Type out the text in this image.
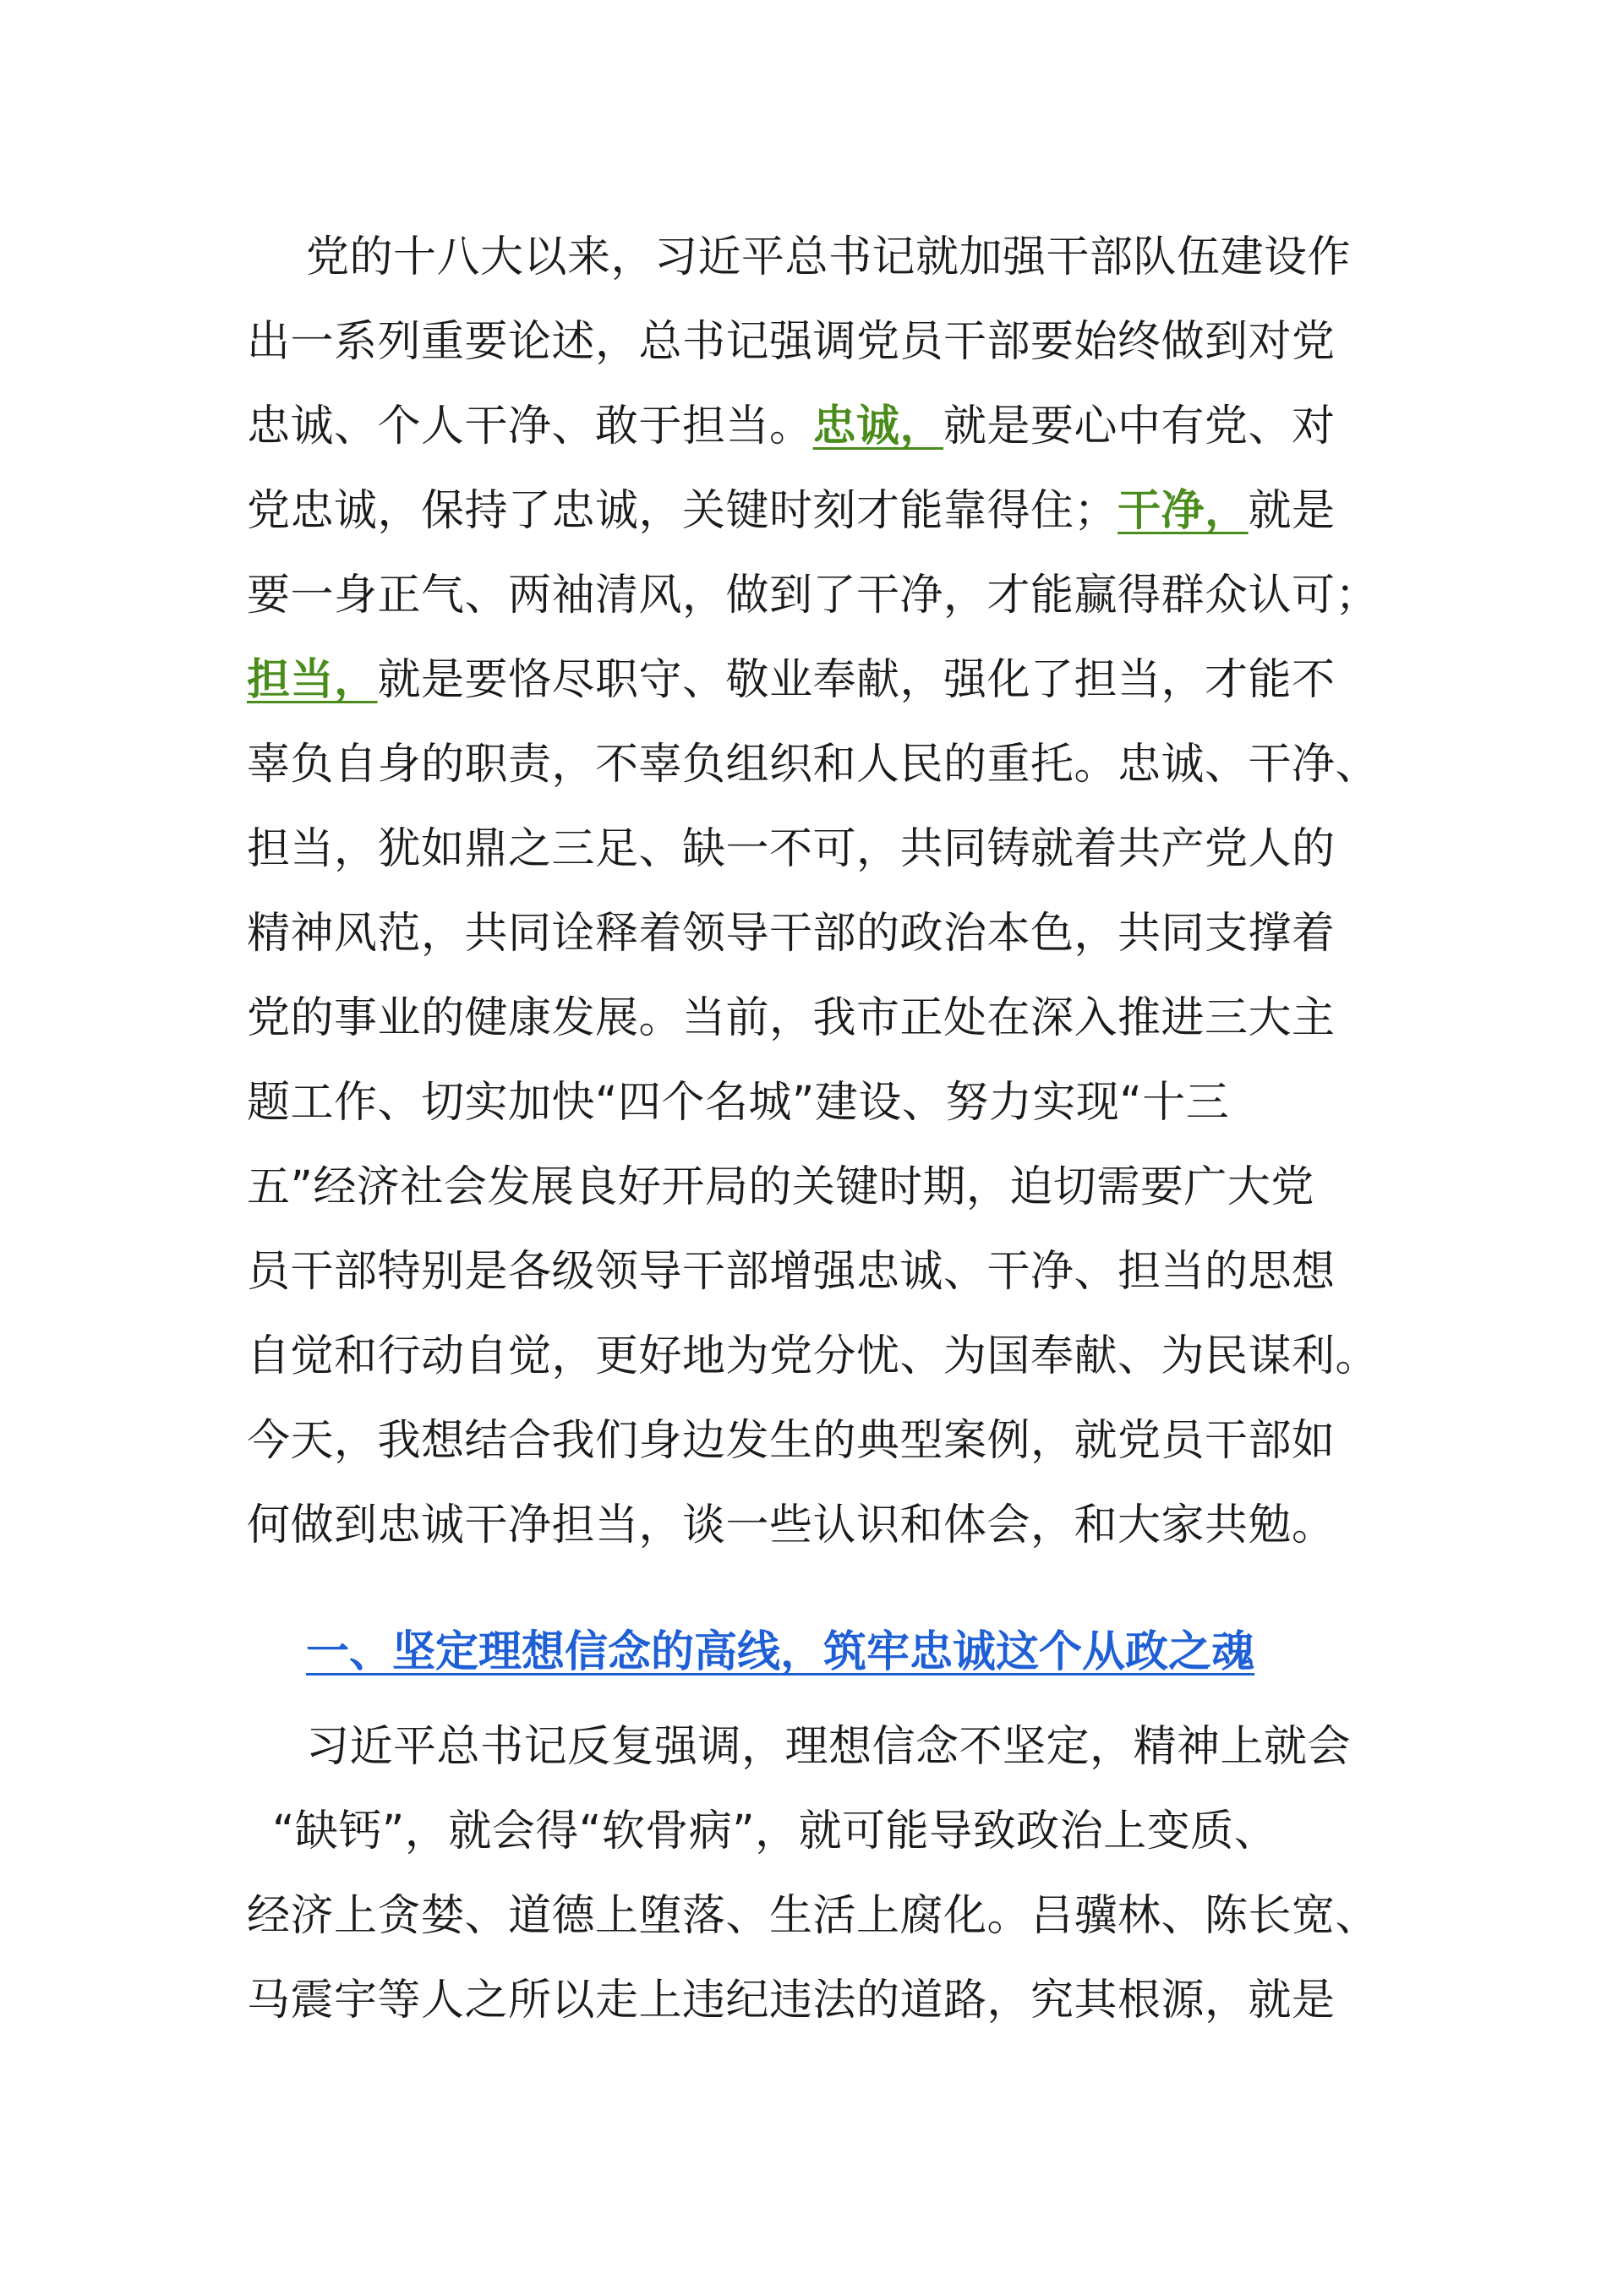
党的十八大以来，习近平总书记就加强干部队伍建设作
出一系列重要论述，总书记强调党员干部要始终做到对党
忠诚、个人干净、敢于担当。忠诚，就是要心中有党、对
党忠诚，保持了忠诚，关键时刻才能靠得住；干净，就是
要一身正气、两袖清风，做到了干净，才能赢得群众认可；
担当，就是要恪尽职守、敬业奉献，强化了担当，才能不
辜负自身的职责，不辜负组织和人民的重托。忠诚、干净、
担当，犹如鼎之三足、缺一不可，共同铸就着共产党人的
精神风范，共同诠释着领导干部的政治本色，共同支撑着
党的事业的健康发展。当前，我市正处在深入推进三大主
题工作、切实加快“四个名城”建设、努力实现“十三
五”经济社会发展良好开局的关键时期，迫切需要广大党
员干部特别是各级领导干部增强忠诚、干净、担当的思想
自觉和行动自觉，更好地为党分忧、为国奉献、为民谋利。
今天，我想结合我们身边发生的典型案例，就党员干部如
何做到忠诚干净担当，谈一些认识和体会，和大家共勉。
一、坚定理想信念的高线，筑牢忠诚这个从政之魂
习近平总书记反复强调，理想信念不坚定，精神上就会
“缺钙”，就会得“软骨病”，就可能导致政治上变质、
经济上贪婪、道德上堕落、生活上腐化。吕骥林、陈长宽、
马震宇等人之所以走上违纪违法的道路，究其根源，就是
